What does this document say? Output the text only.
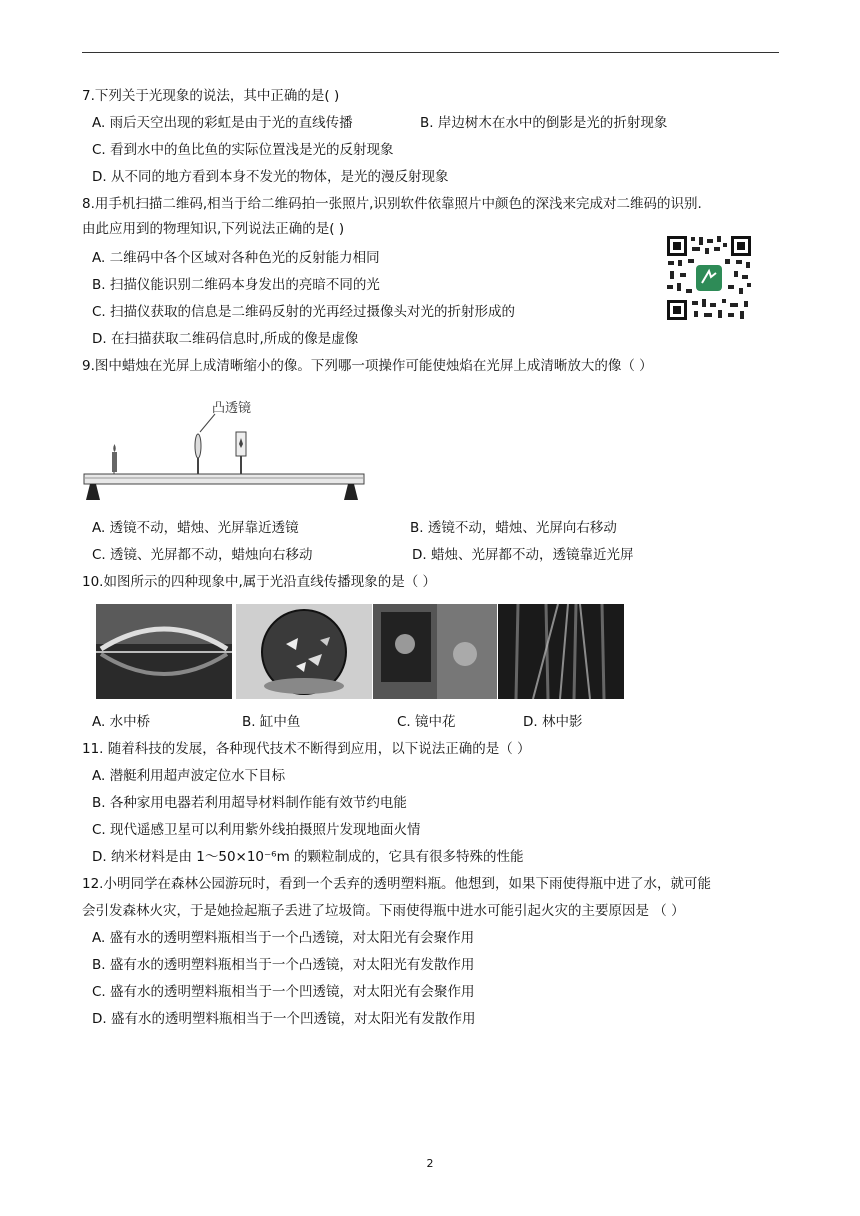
7.下列关于光现象的说法，其中正确的是( )
A. 雨后天空出现的彩虹是由于光的直线传播	B. 岸边树木在水中的倒影是光的折射现象
C. 看到水中的鱼比鱼的实际位置浅是光的反射现象
D. 从不同的地方看到本身不发光的物体，是光的漫反射现象
8.用手机扫描二维码,相当于给二维码拍一张照片,识别软件依靠照片中颜色的深浅来完成对二维码的识别.
由此应用到的物理知识,下列说法正确的是( )
A. 二维码中各个区域对各种色光的反射能力相同
B. 扫描仪能识别二维码本身发出的亮暗不同的光
C. 扫描仪获取的信息是二维码反射的光再经过摄像头对光的折射形成的
D. 在扫描获取二维码信息时,所成的像是虚像
9.图中蜡烛在光屏上成清晰缩小的像。下列哪一项操作可能使烛焰在光屏上成清晰放大的像（ ）
凸透镜
A. 透镜不动，蜡烛、光屏靠近透镜	B. 透镜不动，蜡烛、光屏向右移动
C. 透镜、光屏都不动，蜡烛向右移动	D. 蜡烛、光屏都不动，透镜靠近光屏
10.如图所示的四种现象中,属于光沿直线传播现象的是（ ）
A. 水中桥	B. 缸中鱼	C. 镜中花	D. 林中影
11. 随着科技的发展，各种现代技术不断得到应用，以下说法正确的是（ ）
A. 潜艇利用超声波定位水下目标
B. 各种家用电器若利用超导材料制作能有效节约电能
C. 现代遥感卫星可以利用紫外线拍摄照片发现地面火情
D. 纳米材料是由 1～50×10⁻⁶m 的颗粒制成的，它具有很多特殊的性能
12.小明同学在森林公园游玩时，看到一个丢弃的透明塑料瓶。他想到，如果下雨使得瓶中进了水，就可能
会引发森林火灾，于是她捡起瓶子丢进了垃圾筒。下雨使得瓶中进水可能引起火灾的主要原因是 （ ）
A. 盛有水的透明塑料瓶相当于一个凸透镜，对太阳光有会聚作用
B. 盛有水的透明塑料瓶相当于一个凸透镜，对太阳光有发散作用
C. 盛有水的透明塑料瓶相当于一个凹透镜，对太阳光有会聚作用
D. 盛有水的透明塑料瓶相当于一个凹透镜，对太阳光有发散作用
2
